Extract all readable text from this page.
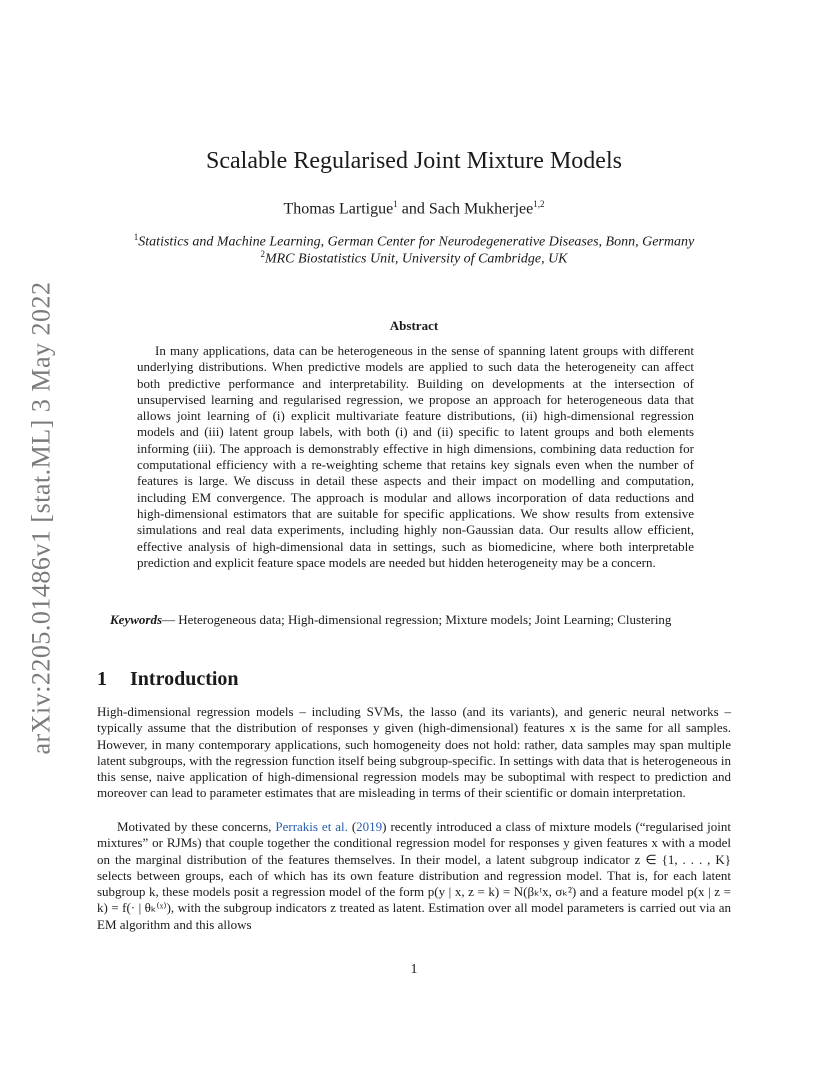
arXiv:2205.01486v1 [stat.ML] 3 May 2022
Scalable Regularised Joint Mixture Models
Thomas Lartigue$^1$ and Sach Mukherjee$^{1,2}$
$^1$Statistics and Machine Learning, German Center for Neurodegenerative Diseases, Bonn, Germany
$^2$MRC Biostatistics Unit, University of Cambridge, UK
Abstract

In many applications, data can be heterogeneous in the sense of spanning latent groups with different underlying distributions. When predictive models are applied to such data the heterogeneity can affect both predictive performance and interpretability. Building on developments at the intersection of unsupervised learning and regularised regression, we propose an approach for heterogeneous data that allows joint learning of (i) explicit multivariate feature distributions, (ii) high-dimensional regression models and (iii) latent group labels, with both (i) and (ii) specific to latent groups and both elements informing (iii). The approach is demonstrably effective in high dimensions, combining data reduction for computational efficiency with a re-weighting scheme that retains key signals even when the number of features is large. We discuss in detail these aspects and their impact on modelling and computation, including EM convergence. The approach is modular and allows incorporation of data reductions and high-dimensional estimators that are suitable for specific applications. We show results from extensive simulations and real data experiments, including highly non-Gaussian data. Our results allow efficient, effective analysis of high-dimensional data in settings, such as biomedicine, where both interpretable prediction and explicit feature space models are needed but hidden heterogeneity may be a concern.

Keywords— Heterogeneous data; High-dimensional regression; Mixture models; Joint Learning; Clustering

1 Introduction

High-dimensional regression models – including SVMs, the lasso (and its variants), and generic neural networks – typically assume that the distribution of responses y given (high-dimensional) features x is the same for all samples. However, in many contemporary applications, such homogeneity does not hold: rather, data samples may span multiple latent subgroups, with the regression function itself being subgroup-specific. In settings with data that is heterogeneous in this sense, naive application of high-dimensional regression models may be suboptimal with respect to prediction and moreover can lead to parameter estimates that are misleading in terms of their scientific or domain interpretation.

Motivated by these concerns, Perrakis et al. (2019) recently introduced a class of mixture models (“regularised joint mixtures” or RJMs) that couple together the conditional regression model for responses y given features x with a model on the marginal distribution of the features themselves. In their model, a latent subgroup indicator z ∈ {1, . . . , K} selects between groups, each of which has its own feature distribution and regression model. That is, for each latent subgroup k, these models posit a regression model of the form p(y | x, z = k) = N(βₖᵗx, σₖ²) and a feature model p(x | z = k) = f(· | θₖ⁽ˣ⁾), with the subgroup indicators z treated as latent. Estimation over all model parameters is carried out via an EM algorithm and this allows

1
